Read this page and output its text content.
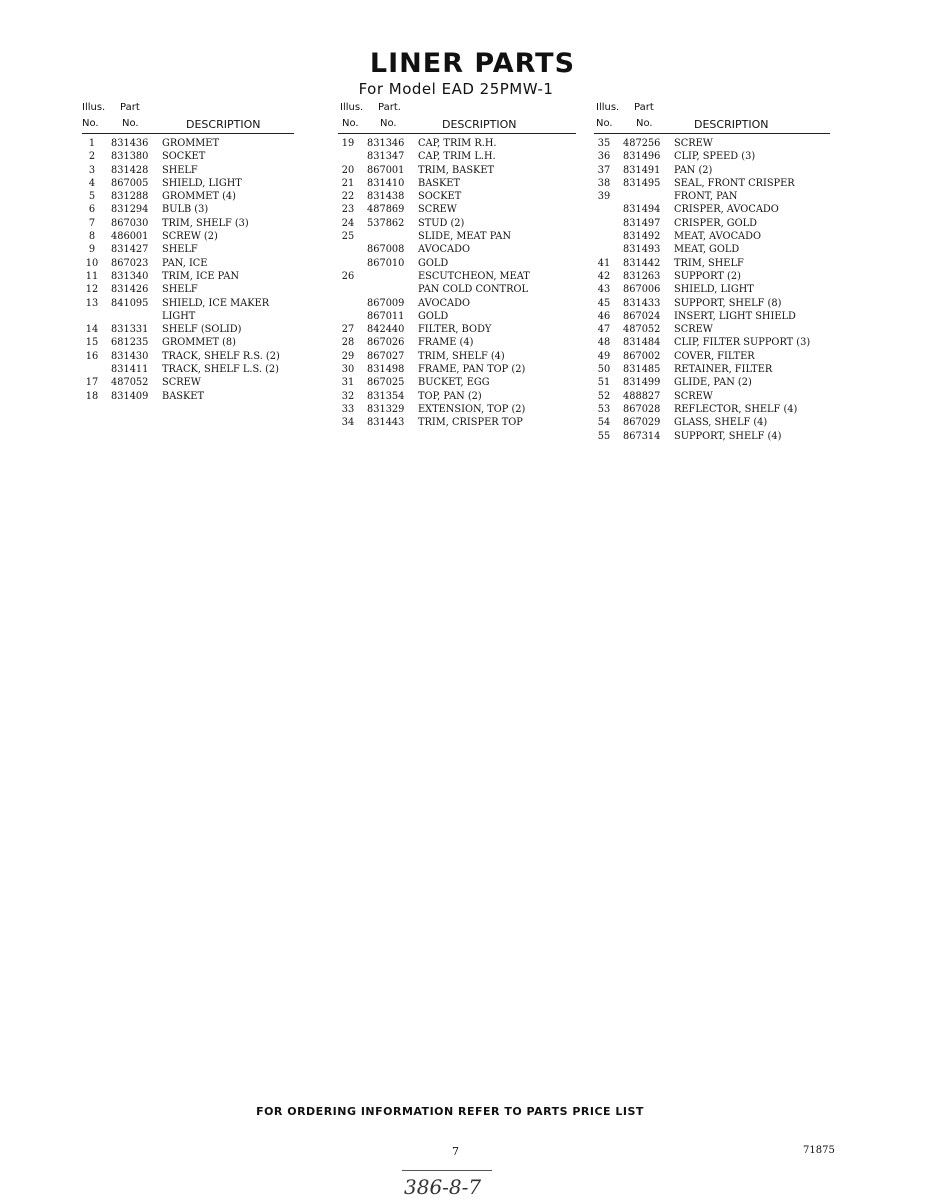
LINER PARTS
For Model EAD 25PMW-1
Illus. Part
No. No.	DESCRIPTION
1	831436 GROMMET
2	831380 SOCKET
3	831428 SHELF
4	867005 SHIELD, LIGHT
5	831288 GROMMET (4)
6	831294 BULB (3)
7	867030 TRIM, SHELF (3)
8	486001 SCREW (2)
9	831427 SHELF
10	867023 PAN, ICE
11	831340 TRIM, ICE PAN
12	831426 SHELF
13	841095 SHIELD, ICE MAKER
LIGHT
14	831331 SHELF (SOLID)
15	681235 GROMMET (8)
16	831430 TRACK, SHELF R.S. (2)
831411 TRACK, SHELF L.S. (2)
17	487052 SCREW
18	831409 BASKET
Illus. Part.
No. No.	DESCRIPTION
19	831346 CAP, TRIM R.H.
831347 CAP, TRIM L.H.
20	867001 TRIM, BASKET
21	831410 BASKET
22	831438 SOCKET
23	487869 SCREW
24	537862 STUD (2)
25	SLIDE, MEAT PAN
867008 AVOCADO
867010 GOLD
26	ESCUTCHEON, MEAT
PAN COLD CONTROL
867009 AVOCADO
867011 GOLD
27	842440 FILTER, BODY
28	867026 FRAME (4)
29	867027 TRIM, SHELF (4)
30	831498 FRAME, PAN TOP (2)
31	867025 BUCKET, EGG
32	831354 TOP, PAN (2)
33	831329 EXTENSION, TOP (2)
34	831443 TRIM, CRISPER TOP
Illus. Part
No. No.	DESCRIPTION
35	487256 SCREW
36	831496 CLIP, SPEED (3)
37	831491 PAN (2)
38	831495 SEAL, FRONT CRISPER
39	FRONT, PAN
831494 CRISPER, AVOCADO
831497 CRISPER, GOLD
831492 MEAT, AVOCADO
831493 MEAT, GOLD
41	831442 TRIM, SHELF
42	831263 SUPPORT (2)
43	867006 SHIELD, LIGHT
45	831433 SUPPORT, SHELF (8)
46	867024 INSERT, LIGHT SHIELD
47	487052 SCREW
48	831484 CLIP, FILTER SUPPORT (3)
49	867002 COVER, FILTER
50	831485 RETAINER, FILTER
51	831499 GLIDE, PAN (2)
52	488827 SCREW
53	867028 REFLECTOR, SHELF (4)
54	867029 GLASS, SHELF (4)
55	867314 SUPPORT, SHELF (4)
FOR ORDERING INFORMATION REFER TO PARTS PRICE LIST
7	71875
386-8-7
